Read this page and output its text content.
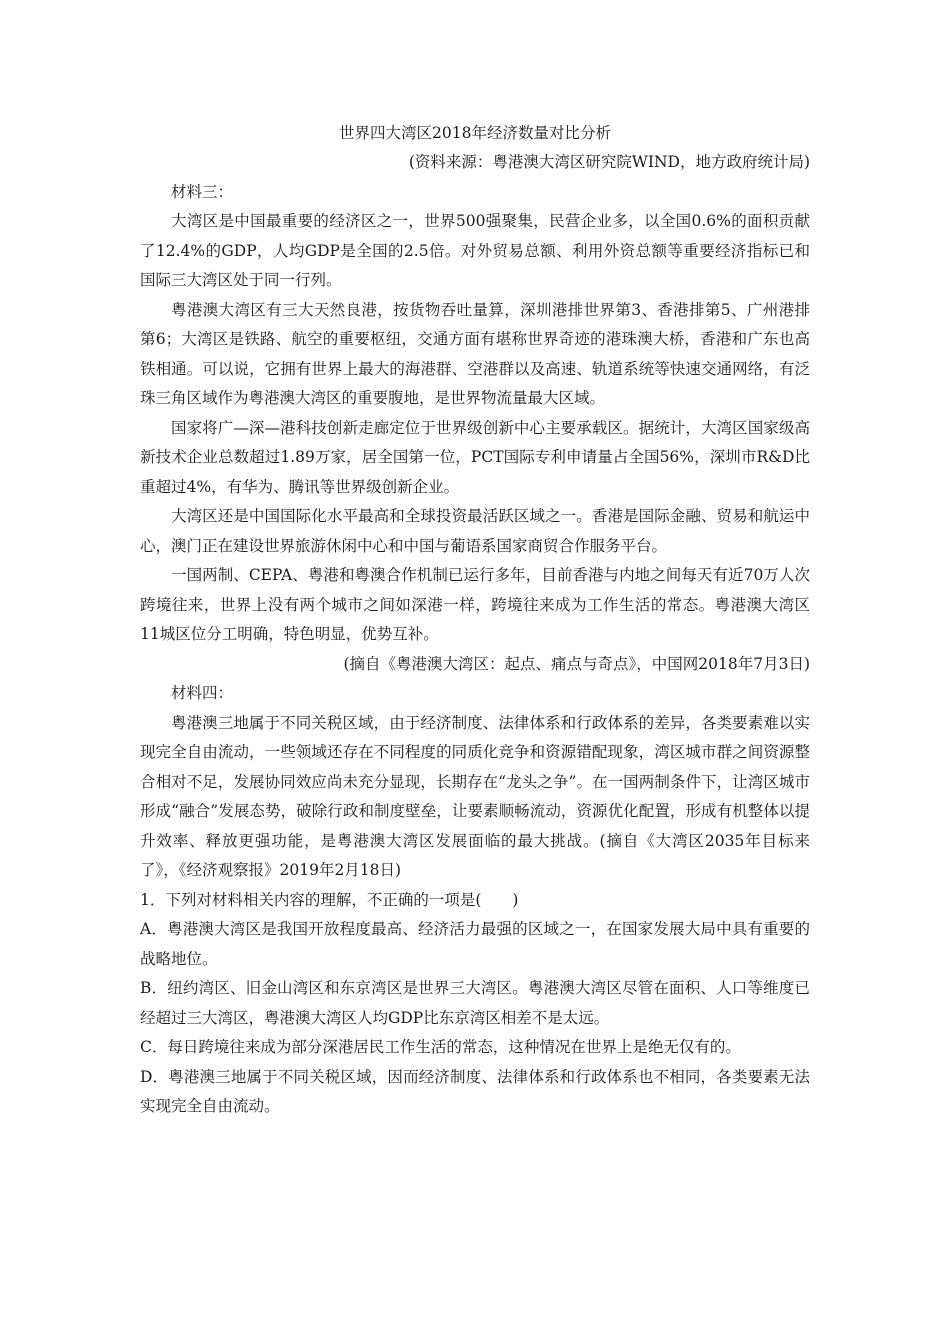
世界四大湾区2018年经济数量对比分析

(资料来源：粤港澳大湾区研究院WIND，地方政府统计局)

材料三：

大湾区是中国最重要的经济区之一，世界500强聚集，民营企业多，以全国0.6%的面积贡献了12.4%的GDP，人均GDP是全国的2.5倍。对外贸易总额、利用外资总额等重要经济指标已和国际三大湾区处于同一行列。

粤港澳大湾区有三大天然良港，按货物吞吐量算，深圳港排世界第3、香港排第5、广州港排第6；大湾区是铁路、航空的重要枢纽，交通方面有堪称世界奇迹的港珠澳大桥，香港和广东也高铁相通。可以说，它拥有世界上最大的海港群、空港群以及高速、轨道系统等快速交通网络，有泛珠三角区域作为粤港澳大湾区的重要腹地，是世界物流量最大区域。

国家将广—深—港科技创新走廊定位于世界级创新中心主要承载区。据统计，大湾区国家级高新技术企业总数超过1.89万家，居全国第一位，PCT国际专利申请量占全国56%，深圳市R&D比重超过4%，有华为、腾讯等世界级创新企业。

大湾区还是中国国际化水平最高和全球投资最活跃区域之一。香港是国际金融、贸易和航运中心，澳门正在建设世界旅游休闲中心和中国与葡语系国家商贸合作服务平台。

一国两制、CEPA、粤港和粤澳合作机制已运行多年，目前香港与内地之间每天有近70万人次跨境往来，世界上没有两个城市之间如深港一样，跨境往来成为工作生活的常态。粤港澳大湾区11城区位分工明确，特色明显，优势互补。

(摘自《粤港澳大湾区：起点、痛点与奇点》，中国网2018年7月3日)

材料四：

粤港澳三地属于不同关税区域，由于经济制度、法律体系和行政体系的差异，各类要素难以实现完全自由流动，一些领域还存在不同程度的同质化竞争和资源错配现象，湾区城市群之间资源整合相对不足，发展协同效应尚未充分显现，长期存在“龙头之争”。在一国两制条件下，让湾区城市形成“融合”发展态势，破除行政和制度壁垒，让要素顺畅流动，资源优化配置，形成有机整体以提升效率、释放更强功能，是粤港澳大湾区发展面临的最大挑战。(摘自《大湾区2035年目标来了》，《经济观察报》2019年2月18日)

1．下列对材料相关内容的理解，不正确的一项是(　　)

A．粤港澳大湾区是我国开放程度最高、经济活力最强的区域之一，在国家发展大局中具有重要的战略地位。

B．纽约湾区、旧金山湾区和东京湾区是世界三大湾区。粤港澳大湾区尽管在面积、人口等维度已经超过三大湾区，粤港澳大湾区人均GDP比东京湾区相差不是太远。

C．每日跨境往来成为部分深港居民工作生活的常态，这种情况在世界上是绝无仅有的。

D．粤港澳三地属于不同关税区域，因而经济制度、法律体系和行政体系也不相同，各类要素无法实现完全自由流动。
